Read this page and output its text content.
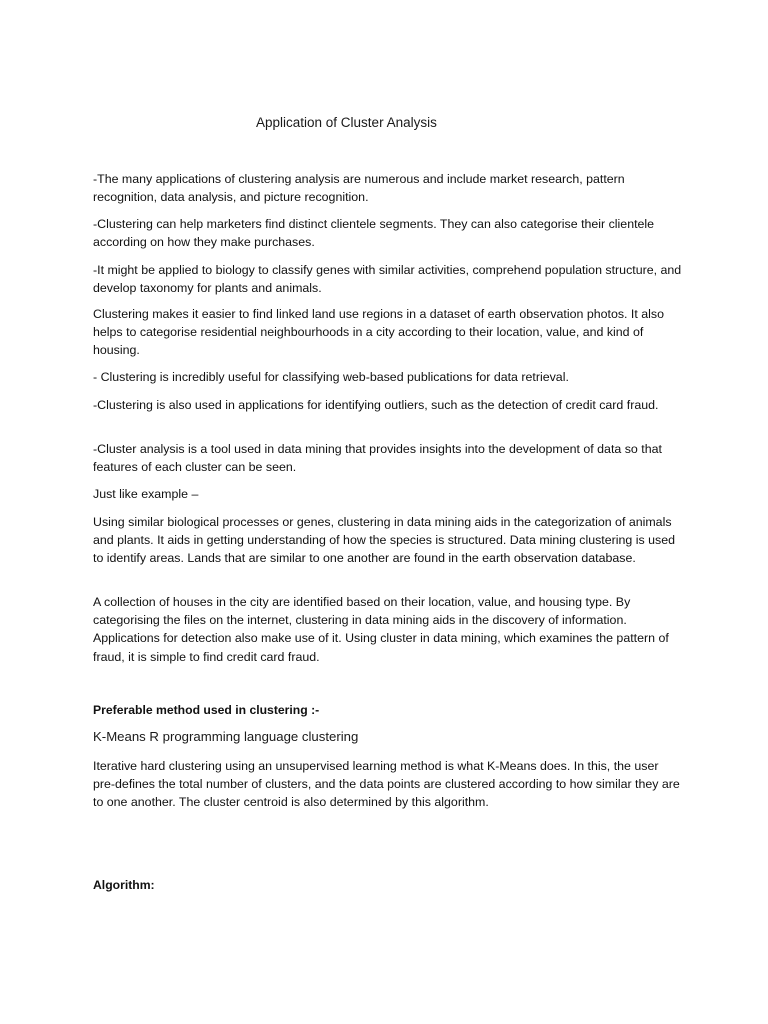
Application of Cluster Analysis

-The many applications of clustering analysis are numerous and include market research, pattern recognition, data analysis, and picture recognition.

-Clustering can help marketers find distinct clientele segments. They can also categorise their clientele according on how they make purchases.

-It might be applied to biology to classify genes with similar activities, comprehend population structure, and develop taxonomy for plants and animals.

Clustering makes it easier to find linked land use regions in a dataset of earth observation photos. It also helps to categorise residential neighbourhoods in a city according to their location, value, and kind of housing.

- Clustering is incredibly useful for classifying web-based publications for data retrieval.

-Clustering is also used in applications for identifying outliers, such as the detection of credit card fraud.

-Cluster analysis is a tool used in data mining that provides insights into the development of data so that features of each cluster can be seen.

Just like example –

Using similar biological processes or genes, clustering in data mining aids in the categorization of animals and plants. It aids in getting understanding of how the species is structured. Data mining clustering is used to identify areas. Lands that are similar to one another are found in the earth observation database.

A collection of houses in the city are identified based on their location, value, and housing type. By categorising the files on the internet, clustering in data mining aids in the discovery of information. Applications for detection also make use of it. Using cluster in data mining, which examines the pattern of fraud, it is simple to find credit card fraud.

Preferable method used in clustering :-

K-Means R programming language clustering

Iterative hard clustering using an unsupervised learning method is what K-Means does. In this, the user pre-defines the total number of clusters, and the data points are clustered according to how similar they are to one another. The cluster centroid is also determined by this algorithm.

Algorithm:
